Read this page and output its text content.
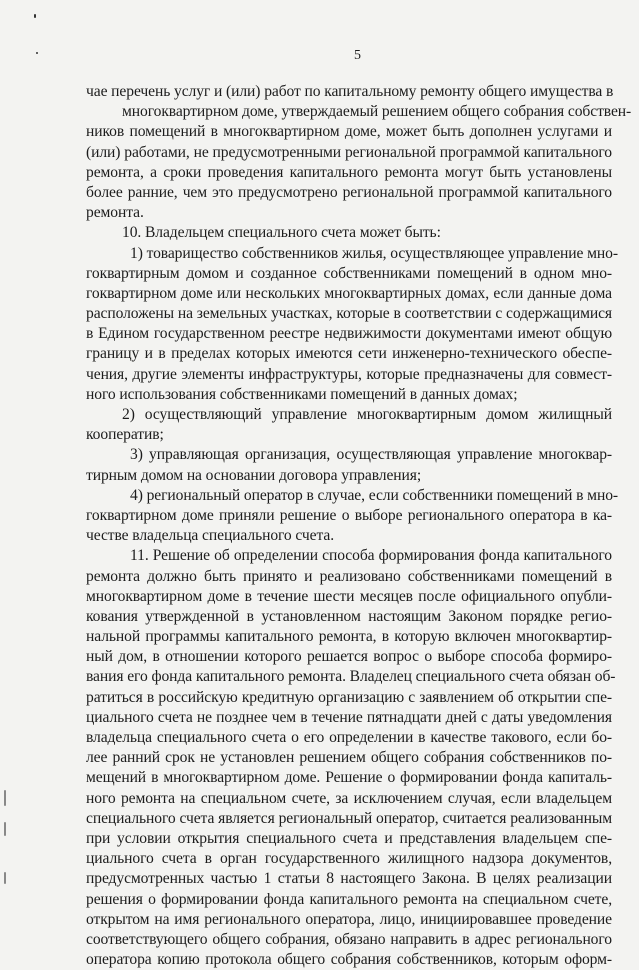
5
чае перечень услуг и (или) работ по капитальному ремонту общего имущества в
многоквартирном доме, утверждаемый решением общего собрания собствен-
ников помещений в многоквартирном доме, может быть дополнен услугами и
(или) работами, не предусмотренными региональной программой капитального
ремонта, а сроки проведения капитального ремонта могут быть установлены
более ранние, чем это предусмотрено региональной программой капитального
ремонта.
10. Владельцем специального счета может быть:
1) товарищество собственников жилья, осуществляющее управление мно-
гоквартирным домом и созданное собственниками помещений в одном мно-
гоквартирном доме или нескольких многоквартирных домах, если данные дома
расположены на земельных участках, которые в соответствии с содержащимися
в Едином государственном реестре недвижимости документами имеют общую
границу и в пределах которых имеются сети инженерно-технического обеспе-
чения, другие элементы инфраструктуры, которые предназначены для совмест-
ного использования собственниками помещений в данных домах;
2) осуществляющий управление многоквартирным домом жилищный
кооператив;
3) управляющая организация, осуществляющая управление многокваp-
тирным домом на основании договора управления;
4) региональный оператор в случае, если собственники помещений в мно-
гоквартирном доме приняли решение о выборе регионального оператора в ка-
честве владельца специального счета.
11. Решение об определении способа формирования фонда капитального
ремонта должно быть принято и реализовано собственниками помещений в
многоквартирном доме в течение шести месяцев после официального опубли-
кования утвержденной в установленном настоящим Законом порядке регио-
нальной программы капитального ремонта, в которую включен многоквартир-
ный дом, в отношении которого решается вопрос о выборе способа формиро-
вания его фонда капитального ремонта. Владелец специального счета обязан об-
ратиться в российскую кредитную организацию с заявлением об открытии спе-
циального счета не позднее чем в течение пятнадцати дней с даты уведомления
владельца специального счета о его определении в качестве такового, если бо-
лее ранний срок не установлен решением общего собрания собственников по-
мещений в многоквартирном доме. Решение о формировании фонда капиталь-
ного ремонта на специальном счете, за исключением случая, если владельцем
специального счета является региональный оператор, считается реализованным
при условии открытия специального счета и представления владельцем спе-
циального счета в орган государственного жилищного надзора документов,
предусмотренных частью 1 статьи 8 настоящего Закона. В целях реализации
решения о формировании фонда капитального ремонта на специальном счете,
открытом на имя регионального оператора, лицо, инициировавшее проведение
соответствующего общего собрания, обязано направить в адрес регионального
оператора копию протокола общего собрания собственников, которым оформ-
